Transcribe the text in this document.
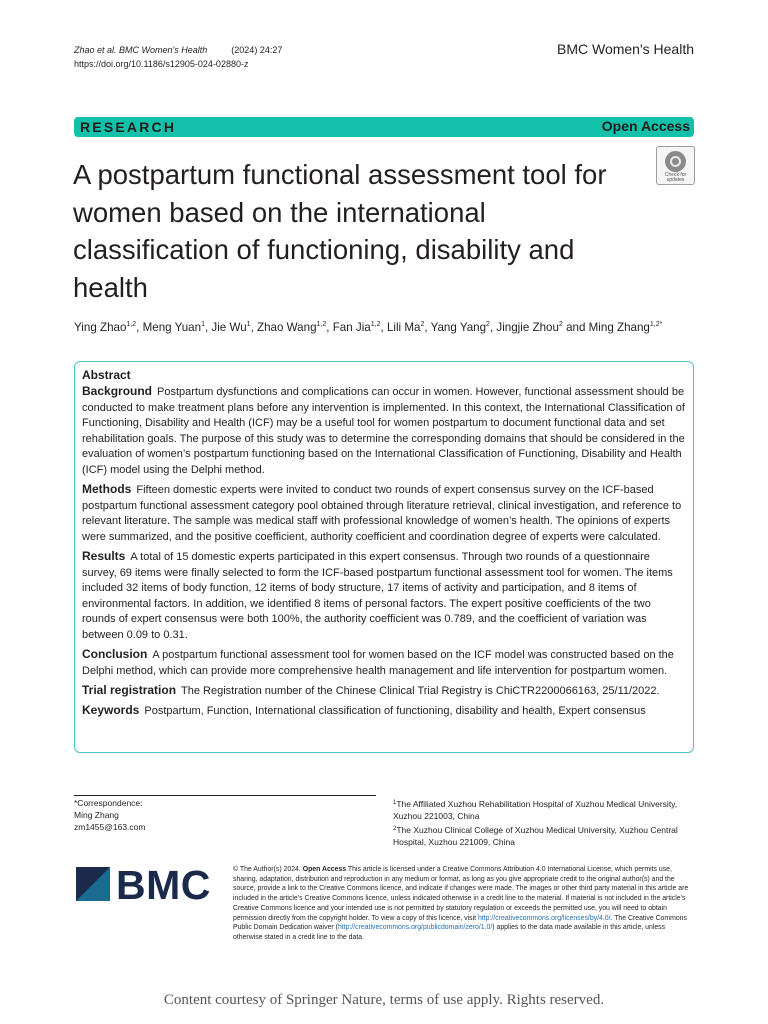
Zhao et al. BMC Women's Health	(2024) 24:27
https://doi.org/10.1186/s12905-024-02880-z
BMC Women's Health
RESEARCH	Open Access
Check for
updates
A postpartum functional assessment tool for women based on the international classification of functioning, disability and health
Ying Zhao$^{1,2}$, Meng Yuan$^1$, Jie Wu$^1$, Zhao Wang$^{1,2}$, Fan Jia$^{1,2}$, Lili Ma$^2$, Yang Yang$^2$, Jingjie Zhou$^2$ and Ming Zhang$^{1,2*}$
Abstract

Background Postpartum dysfunctions and complications can occur in women. However, functional assessment should be conducted to make treatment plans before any intervention is implemented. In this context, the International Classification of Functioning, Disability and Health (ICF) may be a useful tool for women postpartum to document functional data and set rehabilitation goals. The purpose of this study was to determine the corresponding domains that should be considered in the evaluation of women’s postpartum functioning based on the International Classification of Functioning, Disability and Health (ICF) model using the Delphi method.

Methods Fifteen domestic experts were invited to conduct two rounds of expert consensus survey on the ICF-based postpartum functional assessment category pool obtained through literature retrieval, clinical investigation, and reference to relevant literature. The sample was medical staff with professional knowledge of women’s health. The opinions of experts were summarized, and the positive coefficient, authority coefficient and coordination degree of experts were calculated.

Results A total of 15 domestic experts participated in this expert consensus. Through two rounds of a questionnaire survey, 69 items were finally selected to form the ICF-based postpartum functional assessment tool for women. The items included 32 items of body function, 12 items of body structure, 17 items of activity and participation, and 8 items of environmental factors. In addition, we identified 8 items of personal factors. The expert positive coefficients of the two rounds of expert consensus were both 100%, the authority coefficient was 0.789, and the coefficient of variation was between 0.09 to 0.31.

Conclusion A postpartum functional assessment tool for women based on the ICF model was constructed based on the Delphi method, which can provide more comprehensive health management and life intervention for postpartum women.

Trial registration The Registration number of the Chinese Clinical Trial Registry is ChiCTR2200066163, 25/11/2022.

Keywords Postpartum, Function, International classification of functioning, disability and health, Expert consensus

*Correspondence:
Ming Zhang
zm1455@163.com
$^1$The Affiliated Xuzhou Rehabilitation Hospital of Xuzhou Medical University, Xuzhou 221003, China
$^2$The Xuzhou Clinical College of Xuzhou Medical University, Xuzhou Central Hospital, Xuzhou 221009, China
BMC	© The Author(s) 2024. Open Access This article is licensed under a Creative Commons Attribution 4.0 International License, which permits use, sharing, adaptation, distribution and reproduction in any medium or format, as long as you give appropriate credit to the original author(s) and the source, provide a link to the Creative Commons licence, and indicate if changes were made. The images or other third party material in this article are included in the article’s Creative Commons licence, unless indicated otherwise in a credit line to the material. If material is not included in the article’s Creative Commons licence and your intended use is not permitted by statutory regulation or exceeds the permitted use, you will need to obtain permission directly from the copyright holder. To view a copy of this licence, visit http://creativecommons.org/licenses/by/4.0/. The Creative Commons Public Domain Dedication waiver (http://creativecommons.org/publicdomain/zero/1.0/) applies to the data made available in this article, unless otherwise stated in a credit line to the data.
Content courtesy of Springer Nature, terms of use apply. Rights reserved.
